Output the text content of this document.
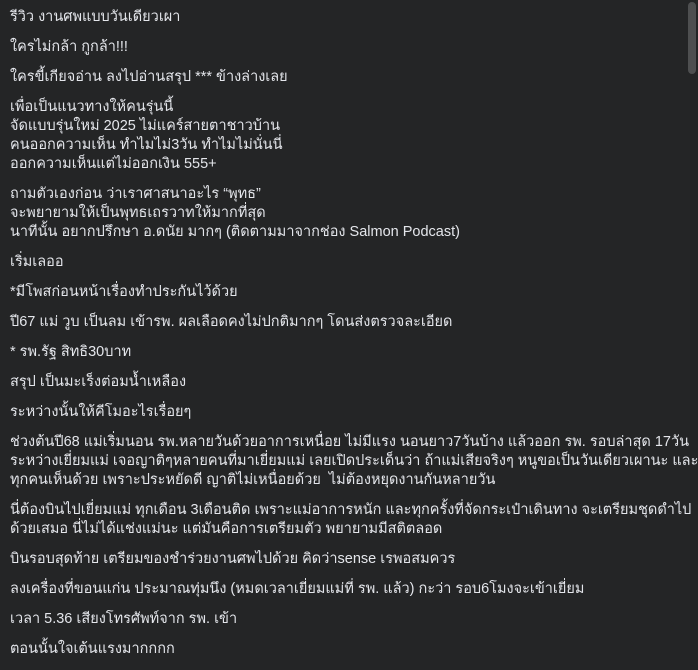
รีวิว งานศพแบบวันเดียวเผา

ใครไม่กล้า กูกล้า!!!

ใครขี้เกียจอ่าน ลงไปอ่านสรุป *** ข้างล่างเลย

เพื่อเป็นแนวทางให้คนรุ่นนี้
จัดแบบรุ่นใหม่ 2025 ไม่แคร์สายตาชาวบ้าน
คนออกความเห็น ทำไมไม่3วัน ทำไมไม่นั่นนี่
ออกความเห็นแต่ไม่ออกเงิน 555+

ถามตัวเองก่อน ว่าเราศาสนาอะไร “พุทธ”
จะพยายามให้เป็นพุทธเถรวาทให้มากที่สุด
นาทีนั้น อยากปรึกษา อ.ดนัย มากๆ (ติดตามมาจากช่อง Salmon Podcast)

เริ่มเลออ

*มีโพสก่อนหน้าเรื่องทำประกันไว้ด้วย

ปี67 แม่ วูบ เป็นลม เข้ารพ. ผลเลือดคงไม่ปกติมากๆ โดนส่งตรวจละเอียด

* รพ.รัฐ สิทธิ30บาท

สรุป เป็นมะเร็งต่อมน้ำเหลือง

ระหว่างนั้นให้คีโมอะไรเรื่อยๆ

ช่วงต้นปี68 แม่เริ่มนอน รพ.หลายวันด้วยอาการเหนื่อย ไม่มีแรง นอนยาว7วันบ้าง แล้วออก รพ. รอบล่าสุด 17วัน
ระหว่างเยี่ยมแม่ เจอญาติๆหลายคนที่มาเยี่ยมแม่ เลยเปิดประเด็นว่า ถ้าแม่เสียจริงๆ หนูขอเป็นวันเดียวเผานะ และ
ทุกคนเห็นด้วย เพราะประหยัดดี ญาติไม่เหนื่อยด้วย  ไม่ต้องหยุดงานกันหลายวัน

นี่ต้องบินไปเยี่ยมแม่ ทุกเดือน 3เดือนติด เพราะแม่อาการหนัก และทุกครั้งที่จัดกระเป๋าเดินทาง จะเตรียมชุดดำไป
ด้วยเสมอ นี่ไม่ได้แช่งแม่นะ แต่มันคือการเตรียมตัว พยายามมีสติตลอด

บินรอบสุดท้าย เตรียมของชำร่วยงานศพไปด้วย คิดว่าsense เรพอสมควร

ลงเครื่องที่ขอนแก่น ประมาณทุ่มนึง (หมดเวลาเยี่ยมแม่ที่ รพ. แล้ว) กะว่า รอบ6โมงจะเข้าเยี่ยม

เวลา 5.36 เสียงโทรศัพท์จาก รพ. เข้า

ตอนนั้นใจเต้นแรงมากกกก
